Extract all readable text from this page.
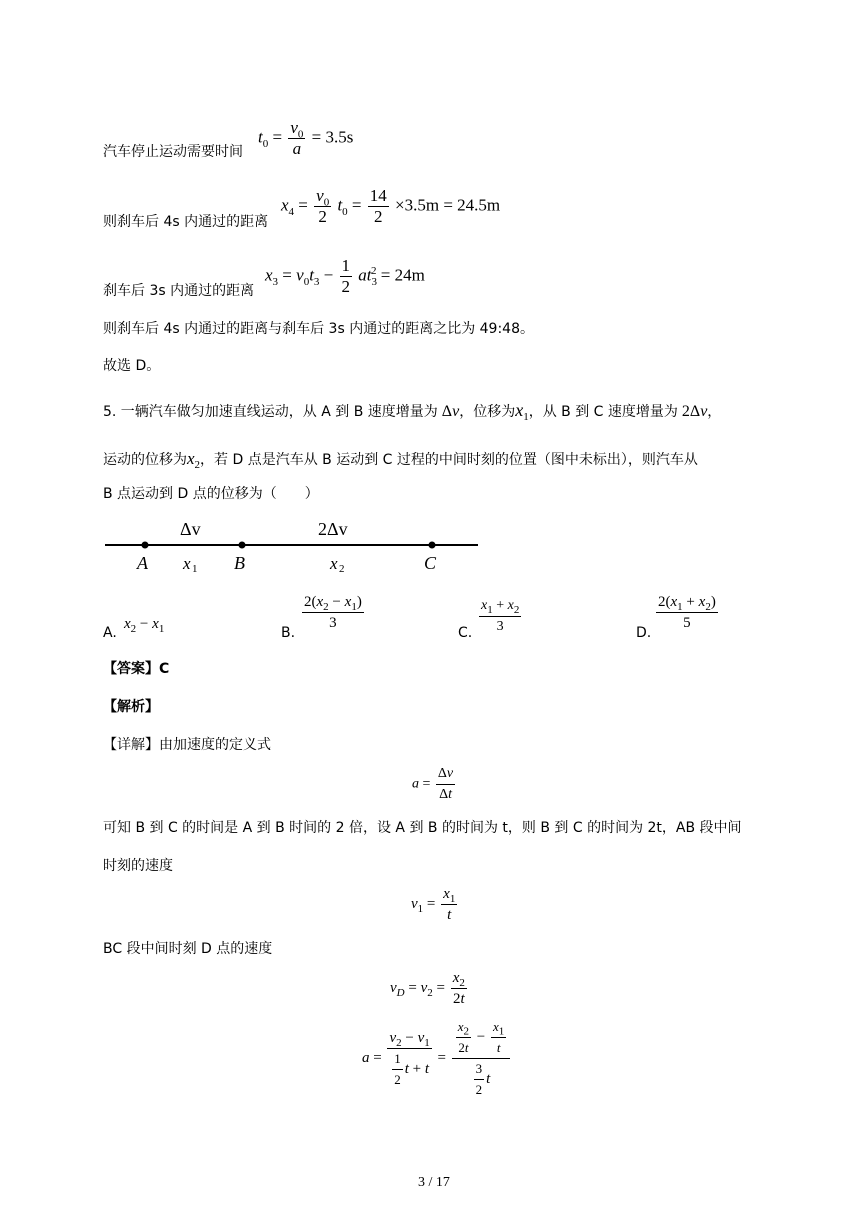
汽车停止运动需要时间
$t_0 = \frac{v_0}{a} = 3.5s$
则刹车后 4s 内通过的距离
$x_4 = \frac{v_0}{2} t_0 = \frac{14}{2} \times 3.5m = 24.5m$
刹车后 3s 内通过的距离
$x_3 = v_0t_3 - \frac{1}{2} at_3^2 = 24m$
则刹车后 4s 内通过的距离与刹车后 3s 内通过的距离之比为 49:48。
故选 D。
5. 一辆汽车做匀加速直线运动，从 A 到 B 速度增量为 Δv，位移为$x_1$，从 B 到 C 速度增量为 2Δv，
运动的位移为$x_2$，若 D 点是汽车从 B 运动到 C 过程的中间时刻的位置（图中未标出），则汽车从
B 点运动到 D 点的位移为（　　）
Δv	2Δv
A	B	C
x 1	x 2
A.
$x_2 - x_1$	B. $\frac{2(x_2 - x_1)}{3}$	C. $\frac{x_1 + x_2}{3}$	D. $\frac{2(x_1 + x_2)}{5}$
【答案】C
【解析】
【详解】由加速度的定义式
$a = \frac{\Delta v}{\Delta t}$
可知 B 到 C 的时间是 A 到 B 时间的 2 倍，设 A 到 B 的时间为 t，则 B 到 C 的时间为 2t，AB 段中间
时刻的速度
$v_1 = \frac{x_1}{t}$
BC 段中间时刻 D 点的速度
$v_D = v_2 = \frac{x_2}{2t}$
$a = \frac{v_2 - v_1}{\frac{1}{2} t + t} = \frac{\frac{x_2}{2t} - \frac{x_1}{t}}{\frac{3}{2} t}$
3 / 17
